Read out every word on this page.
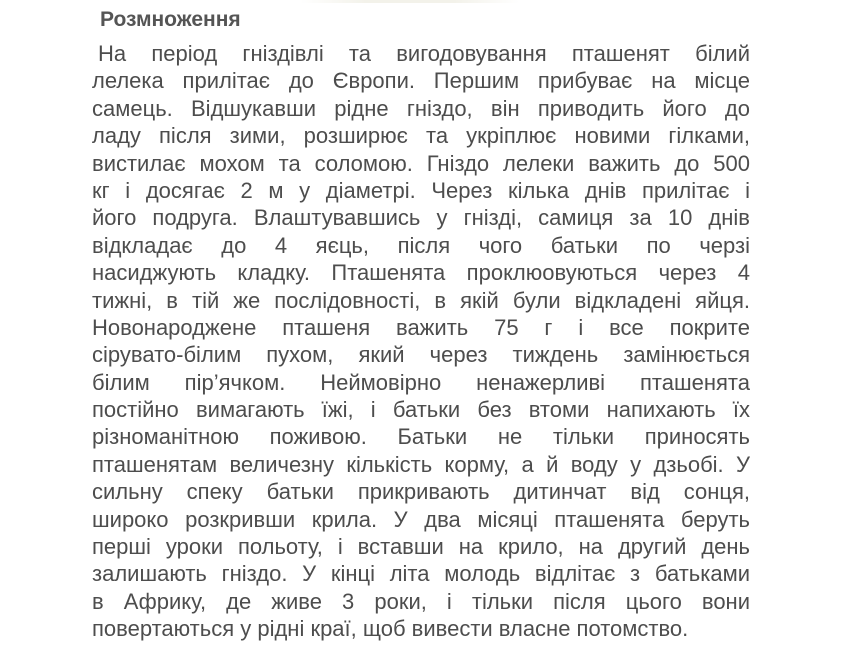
Розмноження
На період гніздівлі та вигодовування пташенят білий
лелека прилітає до Європи. Першим прибуває на місце
самець. Відшукавши рідне гніздо, він приводить його до
ладу після зими, розширює та укріплює новими гілками,
вистилає мохом та соломою. Гніздо лелеки важить до 500
кг і досягає 2 м у діаметрі. Через кілька днів прилітає і
його подруга. Влаштувавшись у гнізді, самиця за 10 днів
відкладає до 4 яєць, після чого батьки по черзі
насиджують кладку. Пташенята проклюовуються через 4
тижні, в тій же послідовності, в якій були відкладені яйця.
Новонароджене пташеня важить 75 г і все покрите
сірувато-білим пухом, який через тиждень замінюється
білим пір’ячком. Неймовірно ненажерливі пташенята
постійно вимагають їжі, і батьки без втоми напихають їх
різноманітною поживою. Батьки не тільки приносять
пташенятам величезну кількість корму, а й воду у дзьобі. У
сильну спеку батьки прикривають дитинчат від сонця,
широко розкривши крила. У два місяці пташенята беруть
перші уроки польоту, і вставши на крило, на другий день
залишають гніздо. У кінці літа молодь відлітає з батьками
в Африку, де живе 3 роки, і тільки після цього вони
повертаються у рідні краї, щоб вивести власне потомство.
